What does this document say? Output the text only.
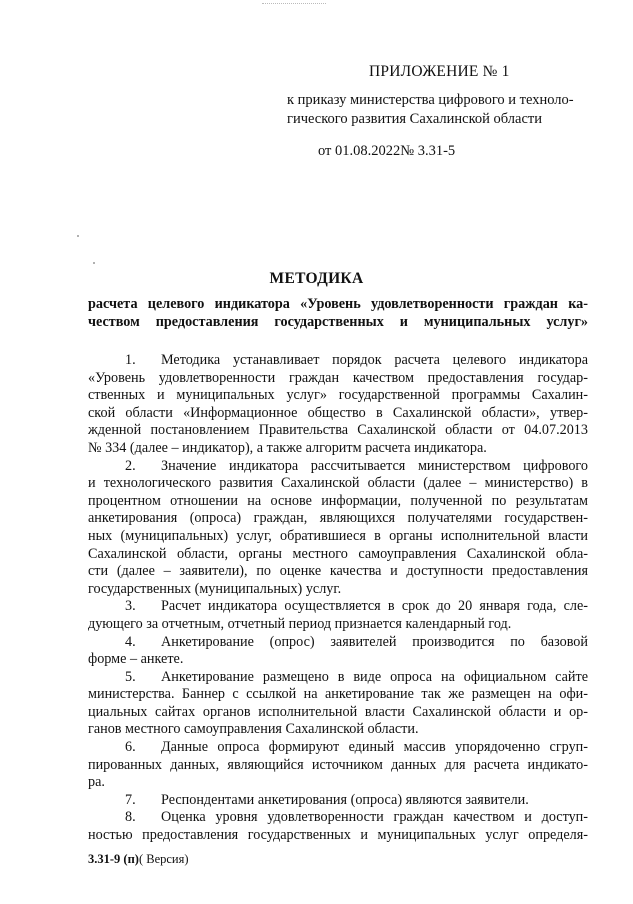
ПРИЛОЖЕНИЕ № 1
к приказу министерства цифрового и техноло-
гического развития Сахалинской области
от 01.08.2022№ 3.31-5
МЕТОДИКА
расчета целевого индикатора «Уровень удовлетворенности граждан ка-
чеством предоставления государственных и муниципальных услуг»
1. Методика устанавливает порядок расчета целевого индикатора
«Уровень удовлетворенности граждан качеством предоставления государ-
ственных и муниципальных услуг» государственной программы Сахалин-
ской области «Информационное общество в Сахалинской области», утвер-
жденной постановлением Правительства Сахалинской области от 04.07.2013
№ 334 (далее – индикатор), а также алгоритм расчета индикатора.
2. Значение индикатора рассчитывается министерством цифрового
и технологического развития Сахалинской области (далее – министерство) в
процентном отношении на основе информации, полученной по результатам
анкетирования (опроса) граждан, являющихся получателями государствен-
ных (муниципальных) услуг, обратившиеся в органы исполнительной власти
Сахалинской области, органы местного самоуправления Сахалинской обла-
сти (далее – заявители), по оценке качества и доступности предоставления
государственных (муниципальных) услуг.
3. Расчет индикатора осуществляется в срок до 20 января года, сле-
дующего за отчетным, отчетный период признается календарный год.
4. Анкетирование (опрос) заявителей производится по базовой
форме – анкете.
5. Анкетирование размещено в виде опроса на официальном сайте
министерства. Баннер с ссылкой на анкетирование так же размещен на офи-
циальных сайтах органов исполнительной власти Сахалинской области и ор-
ганов местного самоуправления Сахалинской области.
6. Данные опроса формируют единый массив упорядоченно сгруп-
пированных данных, являющийся источником данных для расчета индикато-
ра.
7. Респондентами анкетирования (опроса) являются заявители.
8. Оценка уровня удовлетворенности граждан качеством и доступ-
ностью предоставления государственных и муниципальных услуг определя-
3.31-9 (п)( Версия)
